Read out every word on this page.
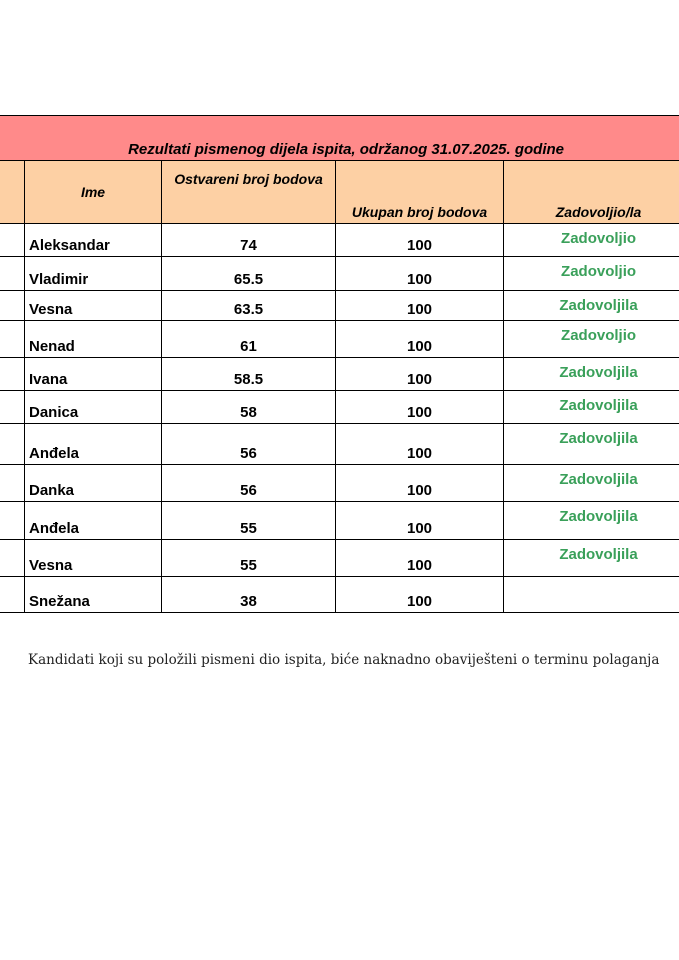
Rezultati pismenog dijela ispita, održanog 31.07.2025. godine				
	Ime	Ostvareni broj bodova	Ukupan broj bodova	Zadovoljio/la
	Aleksandar	74	100	Zadovoljio
	Vladimir	65.5	100	Zadovoljio
	Vesna	63.5	100	Zadovoljila
	Nenad	61	100	Zadovoljio
	Ivana	58.5	100	Zadovoljila
	Danica	58	100	Zadovoljila
	Anđela	56	100	Zadovoljila
	Danka	56	100	Zadovoljila
	Anđela	55	100	Zadovoljila
	Vesna	55	100	Zadovoljila
	Snežana	38	100	
Kandidati koji su položili pismeni dio ispita, biće naknadno obaviješteni o terminu polaganja
